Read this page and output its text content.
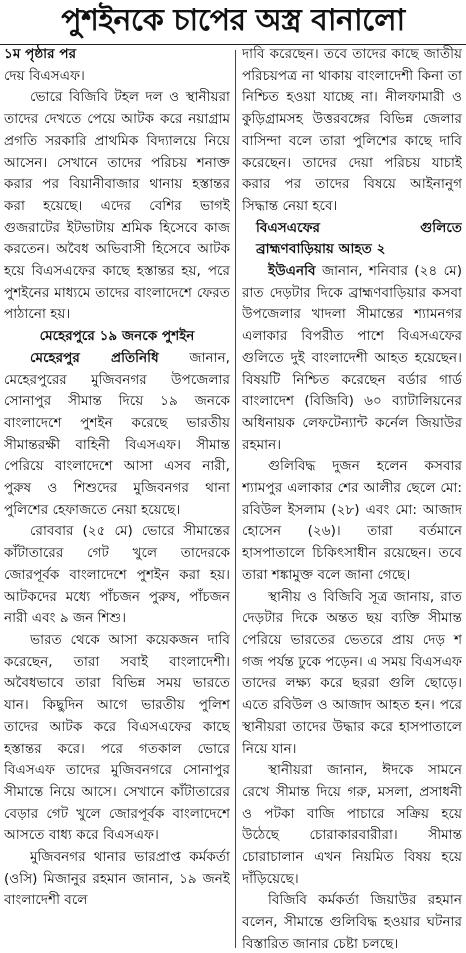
পুশইনকে চাপের অস্ত্র বানালো

১ম পৃষ্ঠার পর

দেয় বিএসএফ।

ভোরে বিজিবি টহল দল ও স্থানীয়রা তাদের দেখতে পেয়ে আটক করে নয়াগ্রাম প্রগতি সরকারি প্রাথমিক বিদ্যালয়ে নিয়ে আসেন। সেখানে তাদের পরিচয় শনাক্ত করার পর বিয়ানীবাজার থানায় হস্তান্তর করা হয়েছে। এদের বেশির ভাগই গুজরাটের ইটভাটায় শ্রমিক হিসেবে কাজ করতেন। অবৈধ অভিবাসী হিসেবে আটক হয়ে বিএসএফের কাছে হস্তান্তর হয়, পরে পুশইনের মাধ্যমে তাদের বাংলাদেশে ফেরত পাঠানো হয়।

মেহেরপুরে ১৯ জনকে পুশইন

মেহেরপুর প্রতিনিধি জানান, মেহেরপুরের মুজিবনগর উপজেলার সোনাপুর সীমান্ত দিয়ে ১৯ জনকে বাংলাদেশে পুশইন করেছে ভারতীয় সীমান্তরক্ষী বাহিনী বিএসএফ। সীমান্ত পেরিয়ে বাংলাদেশে আসা এসব নারী, পুরুষ ও শিশুদের মুজিবনগর থানা পুলিশের হেফাজতে নেয়া হয়েছে।

রোববার (২৫ মে) ভোরে সীমান্তের কাঁটাতারের গেট খুলে তাদেরকে জোরপূর্বক বাংলাদেশে পুশইন করা হয়। আটকদের মধ্যে পাঁচজন পুরুষ, পাঁচজন নারী এবং ৯ জন শিশু।

ভারত থেকে আসা কয়েকজন দাবি করেছেন, তারা সবাই বাংলাদেশী। অবৈধভাবে তারা বিভিন্ন সময় ভারতে যান। কিছুদিন আগে ভারতীয় পুলিশ তাদের আটক করে বিএসএফের কাছে হস্তান্তর করে। পরে গতকাল ভোরে বিএসএফ তাদের মুজিবনগরে সোনাপুর সীমান্তে নিয়ে আসে। সেখানে কাঁটাতারের বেড়ার গেট খুলে জোরপূর্বক বাংলাদেশে আসতে বাধ্য করে বিএসএফ।

মুজিবনগর থানার ভারপ্রাপ্ত কর্মকর্তা (ওসি) মিজানুর রহমান জানান, ১৯ জনই বাংলাদেশী বলে

দাবি করেছেন। তবে তাদের কাছে জাতীয় পরিচয়পত্র না থাকায় বাংলাদেশী কিনা তা নিশ্চিত হওয়া যাচ্ছে না। নীলফামারী ও কুড়িগ্রামসহ উত্তরবঙ্গের বিভিন্ন জেলার বাসিন্দা বলে তারা পুলিশের কাছে দাবি করেছেন। তাদের দেয়া পরিচয় যাচাই করার পর তাদের বিষয়ে আইনানুগ সিদ্ধান্ত নেয়া হবে।

বিএসএফের	গুলিতে

ব্রাহ্মণবাড়িয়ায় আহত ২

ইউএনবি জানান, শনিবার (২৪ মে) রাত দেড়টার দিকে ব্রাহ্মণবাড়িয়ার কসবা উপজেলার খাদলা সীমান্তের শ্যামনগর এলাকার বিপরীত পাশে বিএসএফের গুলিতে দুই বাংলাদেশী আহত হয়েছেন। বিষয়টি নিশ্চিত করেছেন বর্ডার গার্ড বাংলাদেশ (বিজিবি) ৬০ ব্যাটালিয়নের অধিনায়ক লেফটেন্যান্ট কর্নেল জিয়াউর রহমান।

গুলিবিদ্ধ দুজন হলেন কসবার শ্যামপুর এলাকার শের আলীর ছেলে মো: রবিউল ইসলাম (২৮) এবং মো: আজাদ হোসেন (২৬)। তারা বর্তমানে হাসপাতালে চিকিৎসাধীন রয়েছেন। তবে তারা শঙ্কামুক্ত বলে জানা গেছে।

স্থানীয় ও বিজিবি সূত্র জানায়, রাত দেড়টার দিকে অন্তত ছয় ব্যক্তি সীমান্ত পেরিয়ে ভারতের ভেতরে প্রায় দেড় শ গজ পর্যন্ত ঢুকে পড়েন। এ সময় বিএসএফ তাদের লক্ষ্য করে ছররা গুলি ছোড়ে। এতে রবিউল ও আজাদ আহত হন। পরে স্থানীয়রা তাদের উদ্ধার করে হাসপাতালে নিয়ে যান।

স্থানীয়রা জানান, ঈদকে সামনে রেখে সীমান্ত দিয়ে গরু, মসলা, প্রসাধনী ও পটকা বাজি পাচারে সক্রিয় হয়ে উঠেছে চোরাকারবারীরা। সীমান্ত চোরাচালান এখন নিয়মিত বিষয় হয়ে দাঁড়িয়েছে।

বিজিবি কর্মকর্তা জিয়াউর রহমান বলেন, সীমান্তে গুলিবিদ্ধ হওয়ার ঘটনার বিস্তারিত জানার চেষ্টা চলছে।
